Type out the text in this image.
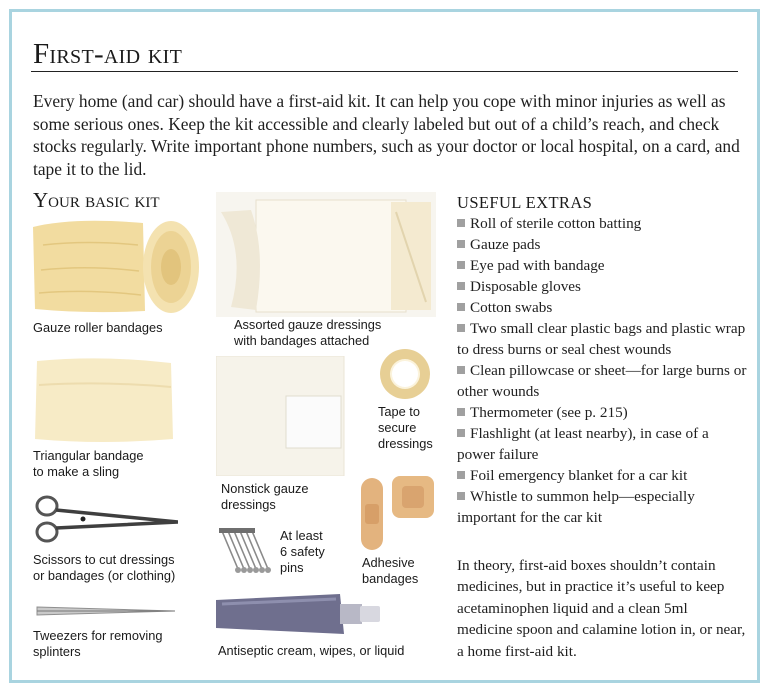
First-aid kit

Every home (and car) should have a first-aid kit. It can help you cope with minor injuries as well as some serious ones. Keep the kit accessible and clearly labeled but out of a child’s reach, and check stocks regularly. Write important phone numbers, such as your doctor or local hospital, on a card, and tape it to the lid.

Your basic kit
Gauze roller bandages	Assorted gauze dressings
with bandages attached
Triangular bandage
to make a sling
Nonstick gauze
dressings
Tape to
secure
dressings
Scissors to cut dressings
or bandages (or clothing)
At least
6 safety
pins	Adhesive
bandages
Tweezers for removing
splinters	Antiseptic cream, wipes, or liquid
USEFUL EXTRAS
Roll of sterile cotton batting
Gauze pads
Eye pad with bandage
Disposable gloves
Cotton swabs
Two small clear plastic bags and plastic wrap to dress burns or seal chest wounds
Clean pillowcase or sheet—for large burns or other wounds
Thermometer (see p. 215)
Flashlight (at least nearby), in case of a power failure
Foil emergency blanket for a car kit
Whistle to summon help—especially important for the car kit

In theory, first-aid boxes shouldn’t contain medicines, but in practice it’s useful to keep acetaminophen liquid and a clean 5ml medicine spoon and calamine lotion in, or near, a home first-aid kit.
